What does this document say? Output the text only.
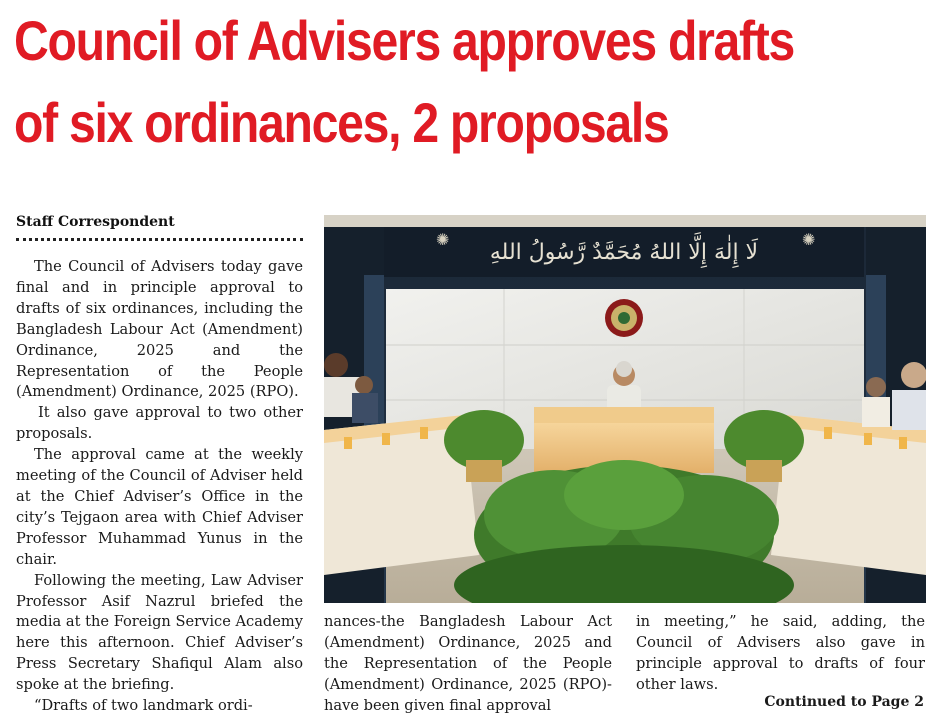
Council of Advisers approves drafts
of six ordinances, 2 proposals
Staff Correspondent

The Council of Advisers today gave final and in principle approval to drafts of six ordinances, including the Bangladesh Labour Act (Amendment) Ordinance, 2025 and the Representation of the People (Amendment) Ordinance, 2025 (RPO).

It also gave approval to two other proposals.

The approval came at the weekly meeting of the Council of Adviser held at the Chief Adviser’s Office in the city’s Tejgaon area with Chief Adviser Professor Muhammad Yunus in the chair.

Following the meeting, Law Adviser Professor Asif Nazrul briefed the media at the Foreign Service Academy here this afternoon. Chief Adviser’s Press Secretary Shafiqul Alam also spoke at the briefing.

“Drafts of two landmark ordi-

لَا إِلٰهَ إِلَّا اللهُ مُحَمَّدٌ رَّسُولُ اللهِ
✺	✺

nances-the Bangladesh Labour Act (Amendment) Ordinance, 2025 and the Representation of the People (Amendment) Ordinance, 2025 (RPO)-have been given final approval

in meeting,” he said, adding, the Council of Advisers also gave in principle approval to drafts of four other laws.

Continued to Page 2
